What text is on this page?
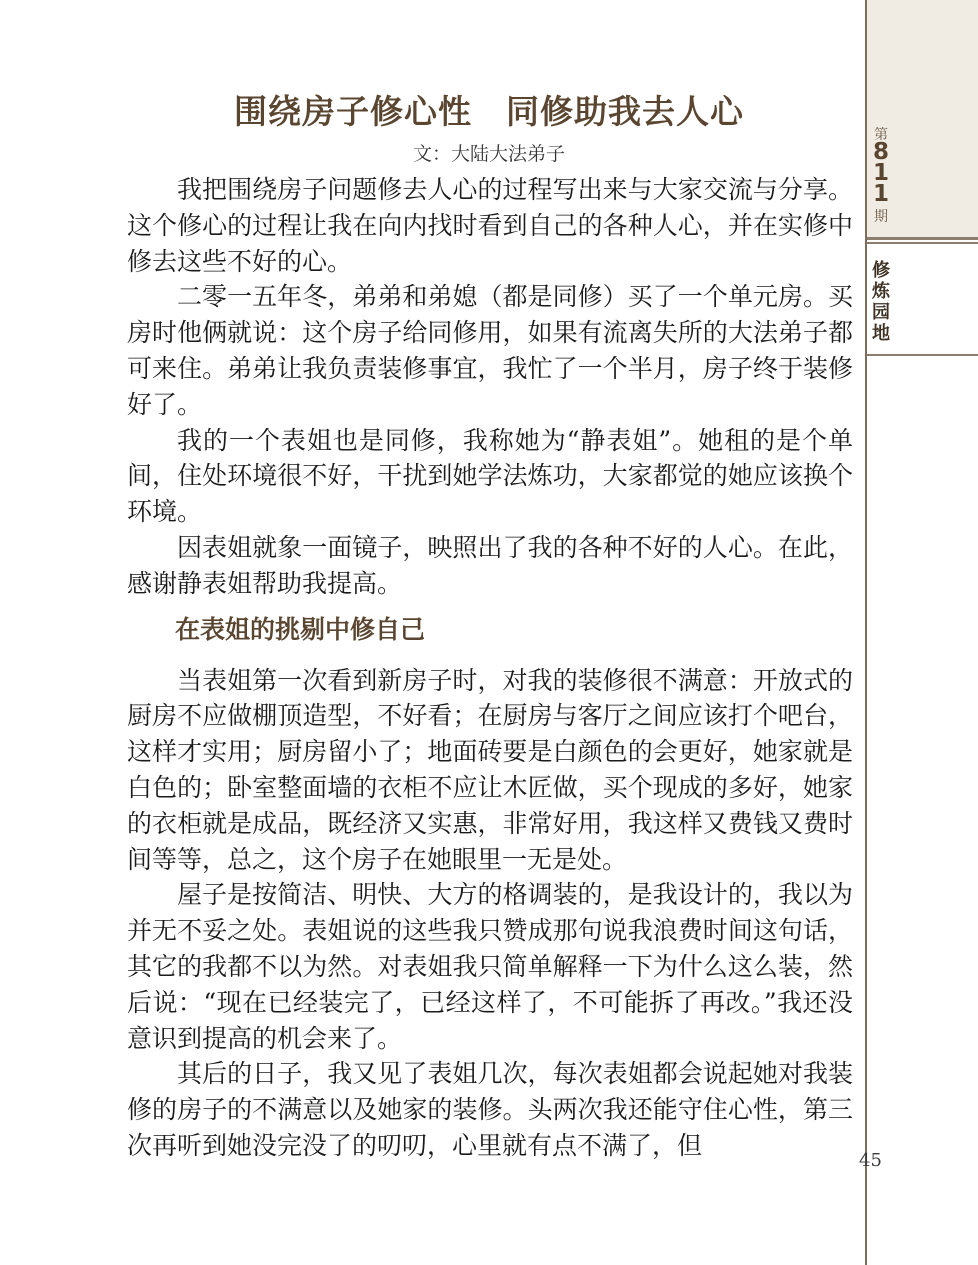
围绕房子修心性　同修助我去人心
文：大陆大法弟子

我把围绕房子问题修去人心的过程写出来与大家交流与分享。这个修心的过程让我在向内找时看到自己的各种人心，并在实修中修去这些不好的心。

二零一五年冬，弟弟和弟媳（都是同修）买了一个单元房。买房时他俩就说：这个房子给同修用，如果有流离失所的大法弟子都可来住。弟弟让我负责装修事宜，我忙了一个半月，房子终于装修好了。

我的一个表姐也是同修，我称她为“静表姐”。她租的是个单间，住处环境很不好，干扰到她学法炼功，大家都觉的她应该换个环境。

因表姐就象一面镜子，映照出了我的各种不好的人心。在此，感谢静表姐帮助我提高。

在表姐的挑剔中修自己

当表姐第一次看到新房子时，对我的装修很不满意：开放式的厨房不应做棚顶造型，不好看；在厨房与客厅之间应该打个吧台，这样才实用；厨房留小了；地面砖要是白颜色的会更好，她家就是白色的；卧室整面墙的衣柜不应让木匠做，买个现成的多好，她家的衣柜就是成品，既经济又实惠，非常好用，我这样又费钱又费时间等等，总之，这个房子在她眼里一无是处。

屋子是按简洁、明快、大方的格调装的，是我设计的，我以为并无不妥之处。表姐说的这些我只赞成那句说我浪费时间这句话，其它的我都不以为然。对表姐我只简单解释一下为什么这么装，然后说：“现在已经装完了，已经这样了，不可能拆了再改。”我还没意识到提高的机会来了。

其后的日子，我又见了表姐几次，每次表姐都会说起她对我装修的房子的不满意以及她家的装修。头两次我还能守住心性，第三次再听到她没完没了的叨叨，心里就有点不满了，但

第
8
1
1
期
修
炼
园
地
45
